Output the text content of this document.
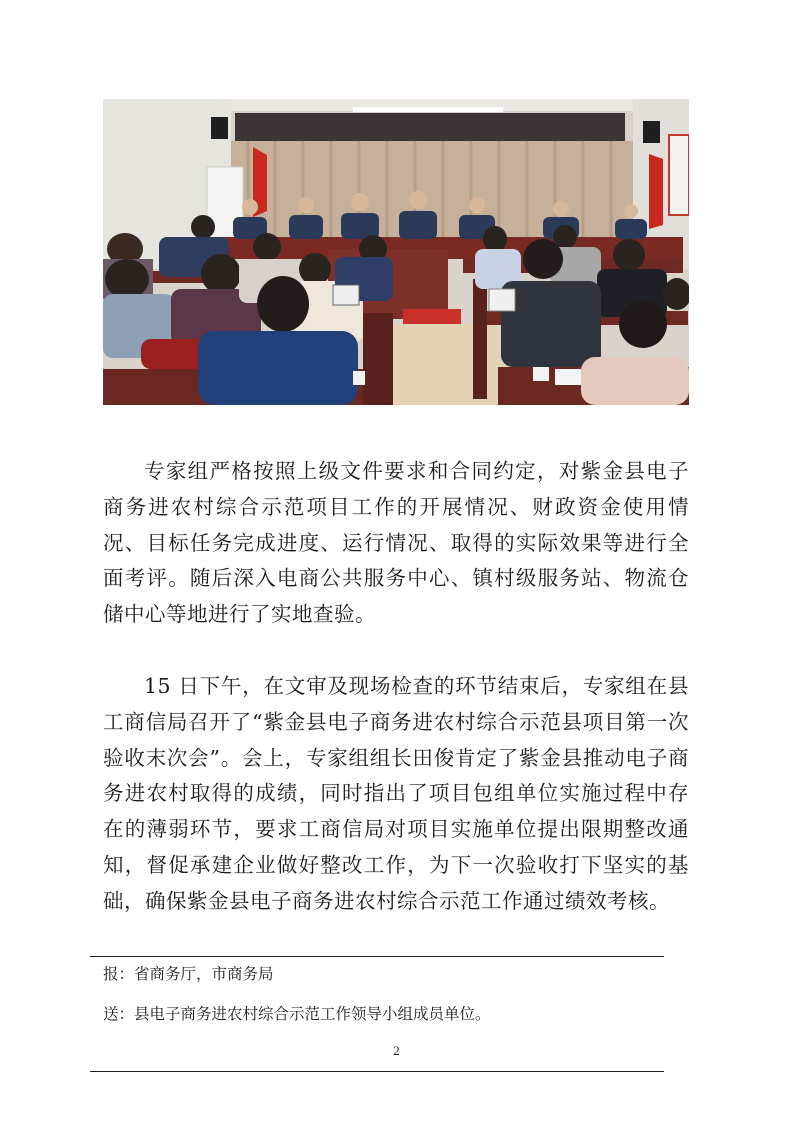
专家组严格按照上级文件要求和合同约定，对紫金县电子商务进农村综合示范项目工作的开展情况、财政资金使用情况、目标任务完成进度、运行情况、取得的实际效果等进行全面考评。随后深入电商公共服务中心、镇村级服务站、物流仓储中心等地进行了实地查验。

15 日下午，在文审及现场检查的环节结束后，专家组在县工商信局召开了“紫金县电子商务进农村综合示范县项目第一次验收末次会”。会上，专家组组长田俊肯定了紫金县推动电子商务进农村取得的成绩，同时指出了项目包组单位实施过程中存在的薄弱环节，要求工商信局对项目实施单位提出限期整改通知，督促承建企业做好整改工作，为下一次验收打下坚实的基础，确保紫金县电子商务进农村综合示范工作通过绩效考核。

报：省商务厅，市商务局

送：县电子商务进农村综合示范工作领导小组成员单位。

2
